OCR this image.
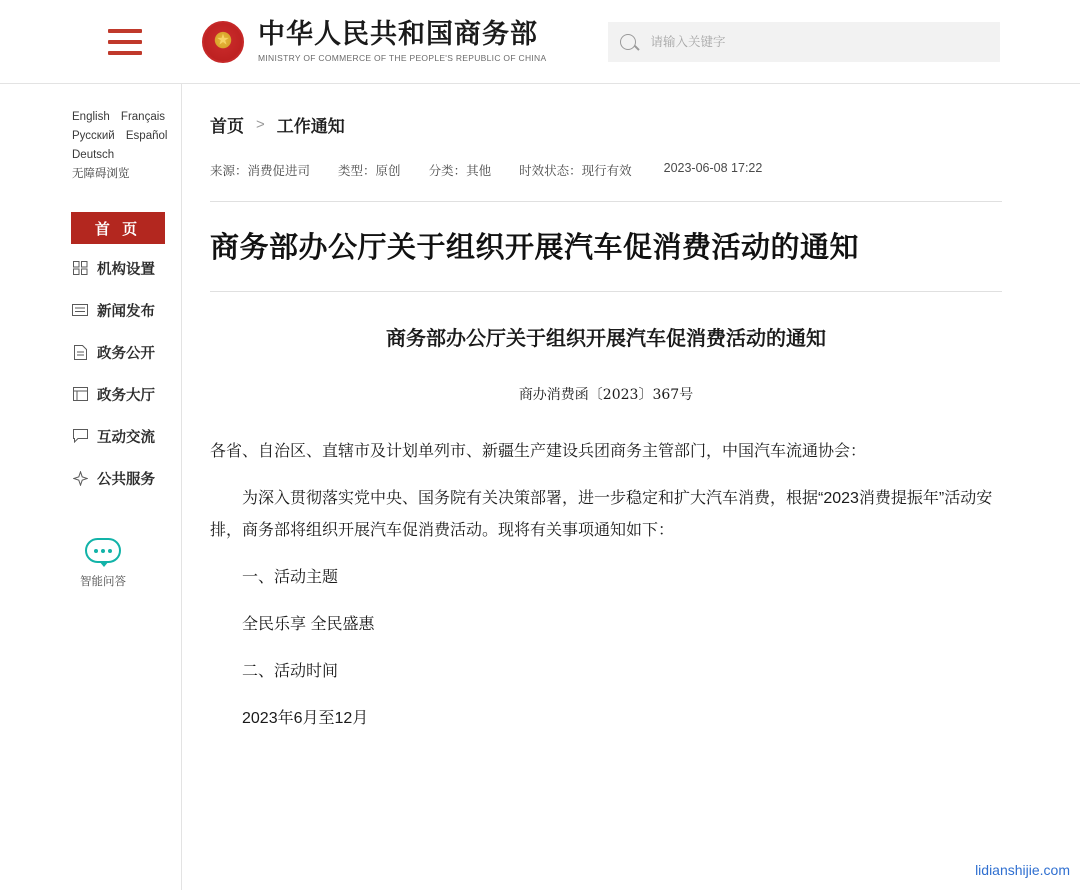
★
中华人民共和国商务部
MINISTRY OF COMMERCE OF THE PEOPLE'S REPUBLIC OF CHINA
请输入关键字
English Français
Русский Español
Deutsch
无障碍浏览
首 页
机构设置
新闻发布
政务公开
政务大厅
互动交流
公共服务
智能问答
首页 > 工作通知
来源：消费促进司 类型：原创 分类：其他 时效状态：现行有效	2023-06-08 17:22
商务部办公厅关于组织开展汽车促消费活动的通知
商务部办公厅关于组织开展汽车促消费活动的通知
商办消费函〔2023〕367号

各省、自治区、直辖市及计划单列市、新疆生产建设兵团商务主管部门，中国汽车流通协会：

为深入贯彻落实党中央、国务院有关决策部署，进一步稳定和扩大汽车消费，根据“2023消费提振年”活动安排，商务部将组织开展汽车促消费活动。现将有关事项通知如下：

一、活动主题

全民乐享 全民盛惠

二、活动时间

2023年6月至12月

lidianshijie.com
